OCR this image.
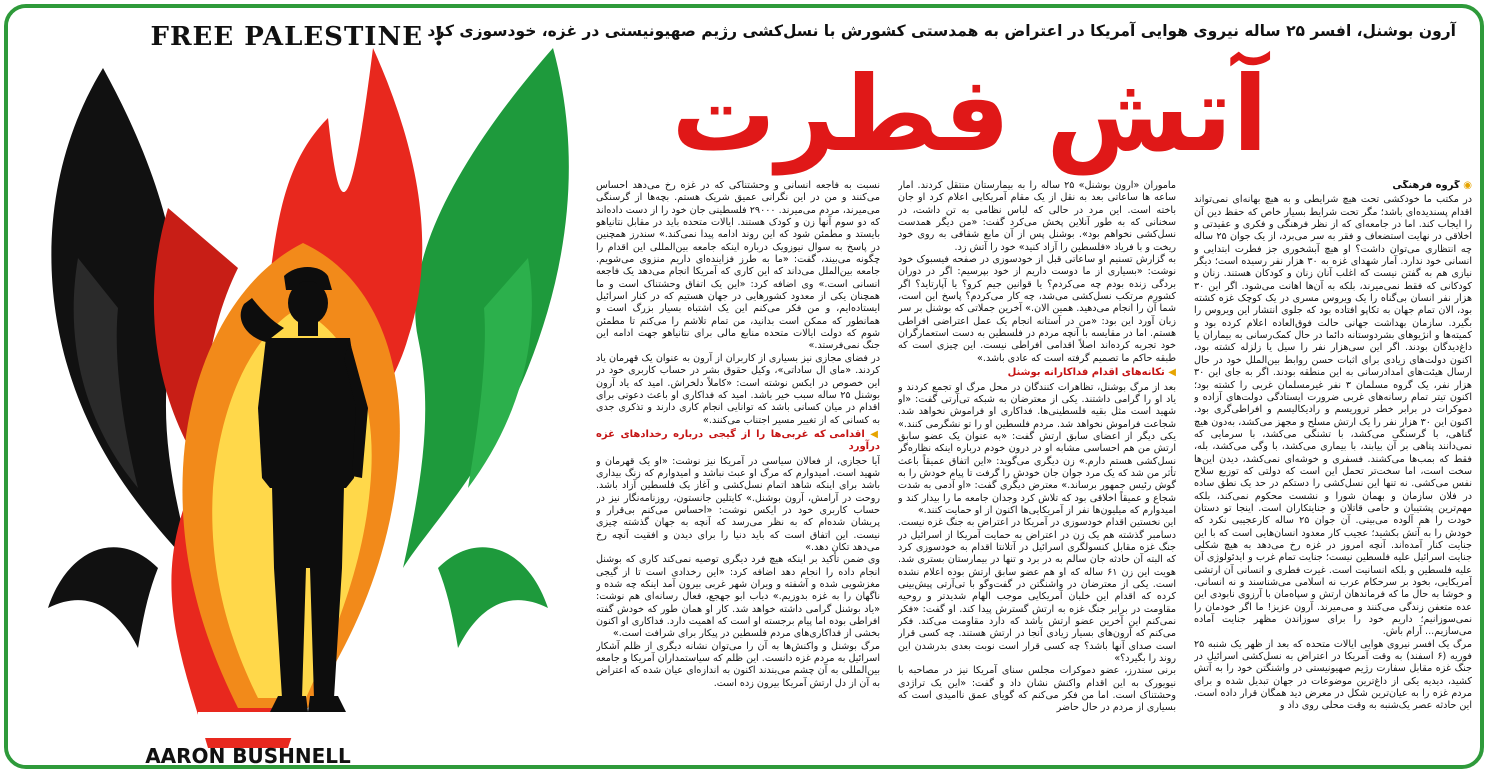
FREE PALESTINE !
AARON BUSHNELL
آرون بوشنل، افسر ۲۵ ساله نیروی هوایی آمریکا در اعتراض به همدستی کشورش با نسل‌کشی رژیم صهیونیستی در غزه، خودسوزی کرد
آتش فطرت
◉ گروه فرهنگی

در مکتب ما خودکشی تحت هیچ شرایطی و به هیچ بهانه‌ای نمی‌تواند اقدام پسندیده‌ای باشد؛ مگر تحت شرایط بسیار خاص که حفظ دین آن را ایجاب کند. اما در جامعه‌ای که از نظر فرهنگی و فکری و عقیدتی و اخلاقی در نهایت استضعاف و فقر به سر می‌برد، از یک جوان ۲۵ ساله چه انتظاری می‌توان داشت؟ او هیچ آبشخوری جز فطرت ابتدایی و انسانی خود ندارد. آمار شهدای غزه به ۳۰ هزار نفر رسیده است؛ دیگر نیازی هم به گفتن نیست که اغلب آنان زنان و کودکان هستند. زنان و کودکانی که فقط نمی‌میرند، بلکه به آن‌ها اهانت می‌شود. اگر این ۳۰ هزار نفر انسان بی‌گناه را یک ویروس مسری در یک کوچک غزه کشته بود، الان تمام جهان به تکاپو افتاده بود که جلوی انتشار این ویروس را بگیرد. سازمان بهداشت جهانی حالت فوق‌العاده اعلام کرده بود و کمیته‌ها و انژیوهای بشردوستانه دائما در حال کمک‌رسانی به بیماران یا داغ‌دیدگان بودند. اگر این سی‌هزار نفر را سیل یا زلزله کشته بود، اکنون دولت‌های زیادی برای اثبات حسن روابط بین‌الملل خود در حال ارسال هیئت‌های امدادرسانی به این منطقه بودند. اگر به جای این ۳۰ هزار نفر، یک گروه مسلمان ۳ نفر غیرمسلمان غربی را کشته بود؛ اکنون تیتر تمام رسانه‌های غربی ضرورت ایستادگی دولت‌های آزاده و دموکرات در برابر خطر تروریسم و رادیکالیسم و افراطی‌گری بود. اکنون این ۳۰ هزار نفر را یک ارتش مسلح و مجهز می‌کشد، به‌دون هیچ گناهی، با گرسنگی می‌کشد، با تشنگی می‌کشد، با سرمایی که نمی‌دانند پناهی بر آن بیابند، با بیماری می‌کشد، با وگی می‌کشد، بله، فقط که بمب‌ها می‌کشند. فسفری و خوشه‌ای نمی‌کشد، دیدن این‌ها سخت است، اما سخت‌تر تحمل این است که دولتی که توزیع سلاح نفس می‌کشی. نه تنها این نسل‌کشی را دستکم در حد یک نطق ساده در فلان سازمان و بهمان شورا و نشست محکوم نمی‌کند، بلکه مهم‌ترین پشتیبان و حامی قاتلان و جنایتکاران است. اینجا تو دستان خودت را هم آلوده می‌بینی. آن جوان ۲۵ ساله کارعجیبی نکرد که خودش را به آتش بکشید؛ عجیب کار معدود انسان‌هایی است که با این جنایت کنار آمده‌اند. آنچه امروز در غزه رخ می‌دهد به هیچ شکلی جنایت اسرائیل علیه فلسطین نیست؛ جنایت تمام غرب و ایدئولوژی آن علیه فلسطین و بلکه انسانیت است. غیرت فطری و انسانی آن ارتشی آمریکایی، بخود بر سرحکام عرب نه اسلامی می‌شناسند و نه انسانی. و خوشا به حال ما که فرماندهان ارتش و سپاه‌مان با آرزوی نابودی این عده متعفن زندگی می‌کنند و می‌میرند. آرون عزیز! ما اگر خودمان را نمی‌سوزانیم؛ داریم خود را برای سوزاندن مظهر جنایت آماده می‌سازیم... آرام باش.

مرگ یک افسر نیروی هوایی ایالات متحده که بعد از ظهر یک شنبه ۲۵ فوریه (۶ اسفند) به وقت آمریکا در اعتراض به نسل‌کشی اسرائیل در جنگ غزه مقابل سفارت رژیم صهیونیستی در واشنگتن خود را به آتش کشید، دیدیه یکی از داغ‌ترین موضوعات در جهان تبدیل شده و برای مردم غزه را به عیان‌ترین شکل در معرض دید همگان قرار داده است. این حادثه عصر یک‌شنبه به وقت محلی روی داد و

ماموران «آرون بوشنل» ۲۵ ساله را به بیمارستان منتقل کردند. آمار ساعه ها ساعاتی بعد به نقل از یک مقام آمریکایی اعلام کرد او جان باخته است. این مرد در حالی که لباس نظامی به تن داشت، در سخنانی که به طور آنلاین پخش می‌کرد گفت: «من دیگر همدست نسل‌کشی نخواهم بود». بوشنل پس از آن مایع شفافی به روی خود ریخت و با فریاد «فلسطین را آزاد کنید» خود را آتش زد.

به گزارش تسنیم او ساعاتی قبل از خودسوزی در صفحه فیسبوک خود نوشت: «بسیاری از ما دوست داریم از خود بپرسیم: اگر در دوران بردگی زنده بودم چه می‌کردم؟ یا قوانین جیم کرو؟ یا آپارتاید؟ اگر کشورم مرتکب نسل‌کشی می‌شد، چه کار می‌کردم؟ پاسخ این است، شما آن را انجام می‌دهید. همین الان.» آخرین جملاتی که بوشنل بر سر زبان آورد این بود: «من در آستانه انجام یک عمل اعتراضی افراطی هستم. اما در مقایسه با آنچه مردم در فلسطین به دست استعمارگران خود تجربه کرده‌اند اصلاً اقدامی افراطی نیست. این چیزی است که طبقه حاکم ما تصمیم گرفته است که عادی باشد.»

◀ تکانه‌های اقدام فداکارانه بوشنل

بعد از مرگ بوشنل، تظاهرات کنندگان در محل مرگ او تجمع کردند و یاد او را گرامی داشتند. یکی از معترضان به شبکه تی‌آرتی گفت: «او شهید است مثل بقیه فلسطینی‌ها. فداکاری او فراموش نخواهد شد. شجاعت فراموش نخواهد شد. مردم فلسطین او را تو نشگرمی کنند.» یکی دیگر از اعضای سابق ارتش گفت: «به عنوان یک عضو سابق ارتش من هم احساسی مشابه او در درون خودم درباره اینکه نظاره‌گر نسل‌کشی هستم دارم.» زن دیگری می‌گوید: «این اتفاق عمیقاً باعث تأثر من شد که یک مرد جوان جان خودش را گرفت تا پیام خودش را به گوش رئیس جمهور برساند.» معترض دیگری گفت: «او آدمی به شدت شجاع و عمیقاً اخلاقی بود که تلاش کرد وجدان جامعه ما را بیدار کند و امیدوارم که میلیون‌ها نفر از آمریکایی‌ها اکنون از او حمایت کنند.»

این نخستین اقدام خودسوزی در آمریکا در اعتراض به جنگ غزه نیست. دسامبر گذشته هم یک زن در اعتراض به حمایت آمریکا از اسرائیل در جنگ غزه مقابل کنسولگری اسرائیل در آتلانتا اقدام به خودسوزی کرد که البته آن حادثه جان سالم به در برد و تنها در بیمارستان بستری شد. هویت این زن ۶۱ ساله که او هم عضو سابق ارتش بوده اعلام نشده است. یکی از معترضان در واشنگتن در گفت‌وگو با تی‌آرتی پیش‌بینی کرده که اقدام این خلبان آمریکایی موجب الهام شدیدتر و روحیه مقاومت در برابر جنگ غزه به ارتش گسترش پیدا کند. او گفت: «فکر نمی‌کنم این آخرین عضو ارتش باشد که دارد مقاومت می‌کند. فکر می‌کنم که آرون‌های بسیار زیادی آنجا در ارتش هستند. چه کسی قرار است صدای آنها باشد؟ چه کسی قرار است نوبت بعدی بدرشدن این روند را بگیرد؟»

برنی سندرز، عضو دموکرات مجلس سنای آمریکا نیز در مصاحبه با نیویورک به این اقدام واکنش نشان داد و گفت: «این یک تراژدی وحشتناک است. اما من فکر می‌کنم که گویای عمق ناامیدی است که بسیاری از مردم در حال حاضر

نسبت به فاجعه انسانی و وحشتناکی که در غزه رخ می‌دهد احساس می‌کنند و من در این نگرانی عمیق شریک هستم. بچه‌ها از گرسنگی می‌میرند، مردم می‌میرند. ۲۹۰۰۰ فلسطینی جان خود را از دست داده‌اند که دو سوم آنها زن و کودک هستند. ایالات متحده باید در مقابل نتانیاهو بایستد و مطمئن شود که این روند ادامه پیدا نمی‌کند.» سندرز همچنین در پاسخ به سوال نیوزویک درباره اینکه جامعه بین‌المللی این اقدام را چگونه می‌بیند، گفت: «ما به طرز فزاینده‌ای داریم منزوی می‌شویم. جامعه بین‌الملل می‌داند که این کاری که آمریکا انجام می‌دهد یک فاجعه انسانی است.» وی اضافه کرد: «این یک اتفاق وحشتناک است و ما همچنان یکی از معدود کشورهایی در جهان هستیم که در کنار اسرائیل ایستاده‌ایم، و من فکر می‌کنم این یک اشتباه بسیار بزرگ است و همانطور که ممکن است بدانید، من تمام تلاشم را می‌کنم تا مطمئن شوم که دولت ایالات متحده منابع مالی برای نتانیاهو جهت ادامه این جنگ نمی‌فرستد.»

در فضای مجازی نیز بسیاری از کاربران از آرون به عنوان یک قهرمان یاد کردند. «مای ال ساداتی»، وکیل حقوق بشر در حساب کاربری خود در این خصوص در ایکس نوشته است: «کاملاً دلخراش. امید که یاد آرون بوشنل ۲۵ ساله سبب خیر باشد. امید که فداکاری او باعث دعوتی برای اقدام در میان کسانی باشد که توانایی انجام کاری دارند و تذکری جدی به کسانی که از تغییر مسیر اجتناب می‌کنند.»

◀ اقدامی که غربی‌ها را از گیجی درباره رخدادهای غزه درآورد

آیا حجازی، از فعالان سیاسی در آمریکا نیز نوشت: «او یک قهرمان و شهید است. امیدوارم که مرگ او عبث نباشد و امیدوارم که زنگ بیداری باشد برای اینکه شاهد اتمام نسل‌کشی و آغاز یک فلسطین آزاد باشد. روحت در آرامش، آرون بوشنل.» کایتلین جانستون، روزنامه‌نگار نیز در حساب کاربری خود در ایکس نوشت: «احساس می‌کنم بی‌قرار و پریشان شده‌ام که به نظر می‌رسد که آنچه به جهان گذشته چیزی نیست. این اتفاق است که باید دنیا را برای دیدن و افقیت آنچه رخ می‌دهد تکان دهد.»

وی ضمن تأکید بر اینکه هیچ فرد دیگری توصیه نمی‌کند کاری که بوشنل انجام داده را انجام دهد اضافه کرد: «این رخدادی است تا از گیجی مغزشویی شده و آشفته و ویران شهر غربی بیرون آمد اینکه چه شده و ناگهان را به غزه بدوزیم.» دیاب ابو جهجع، فعال رسانه‌ای هم نوشت: «یاد بوشنل گرامی داشته خواهد شد. کار او همان طور که خودش گفته افراطی بوده اما پیام برجسته او است که اهمیت دارد. فداکاری او اکنون بخشی از فداکاری‌های مردم فلسطین در پیکار برای شرافت است.»

مرگ بوشنل و واکنش‌ها به آن را می‌توان نشانه دیگری از ظلم آشکار اسرائیل به مردم غزه دانست. این ظلم که سیاستمداران آمریکا و جامعه بین‌المللی به آن چشم می‌بندند اکنون به اندازه‌ای عیان شده که اعتراض به آن از دل ارتش آمریکا بیرون زده است.
